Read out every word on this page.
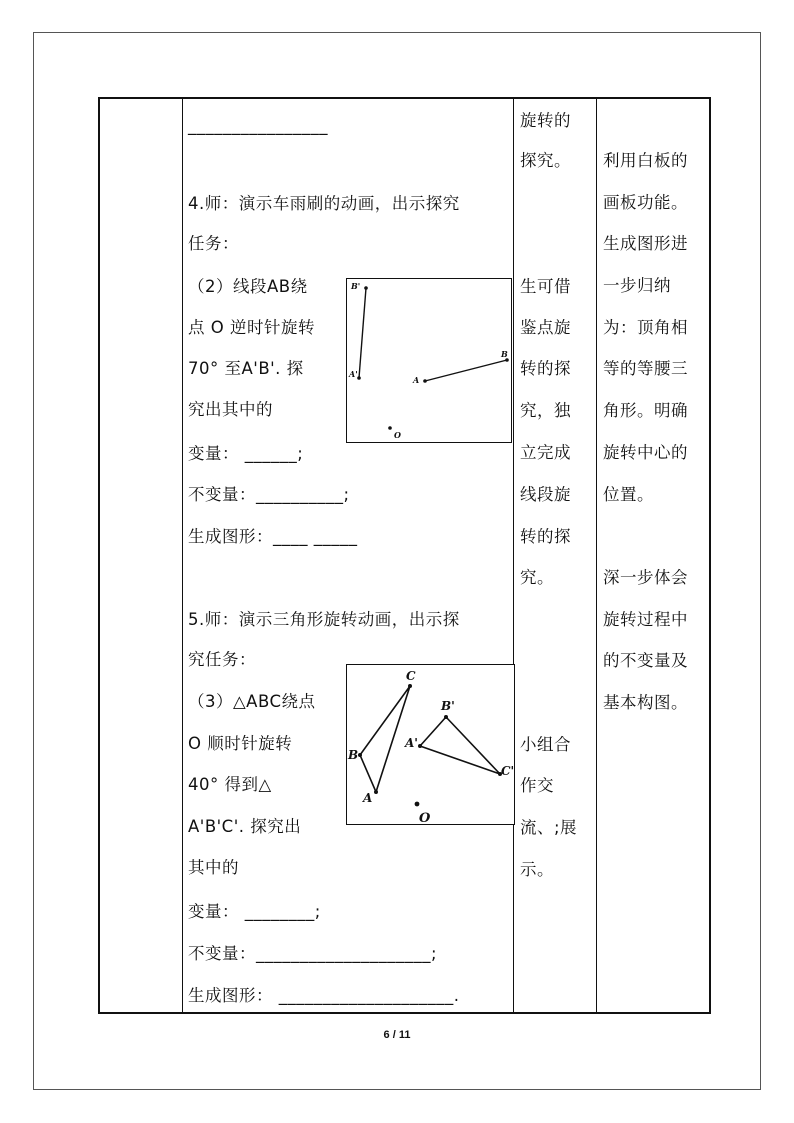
________________
4.师：演示车雨刷的动画，出示探究
任务：
（2）线段AB绕
点 O 逆时针旋转
70° 至A'B'. 探
究出其中的
变量： ______;
不变量：__________;
生成图形：____ _____
5.师：演示三角形旋转动画，出示探
究任务：
（3）△ABC绕点
O 顺时针旋转
40° 得到△
A'B'C'. 探究出
其中的
变量： ________;
不变量：____________________;
生成图形： ____________________.
B'
A'
A
B
O
C
B
A
B'
A'
C'
O
旋转的
探究。
生可借
鉴点旋
转的探
究，独
立完成
线段旋
转的探
究。
小组合
作交
流、;展
示。
利用白板的
画板功能。
生成图形进
一步归纳
为：顶角相
等的等腰三
角形。明确
旋转中心的
位置。
深一步体会
旋转过程中
的不变量及
基本构图。
6 / 11
